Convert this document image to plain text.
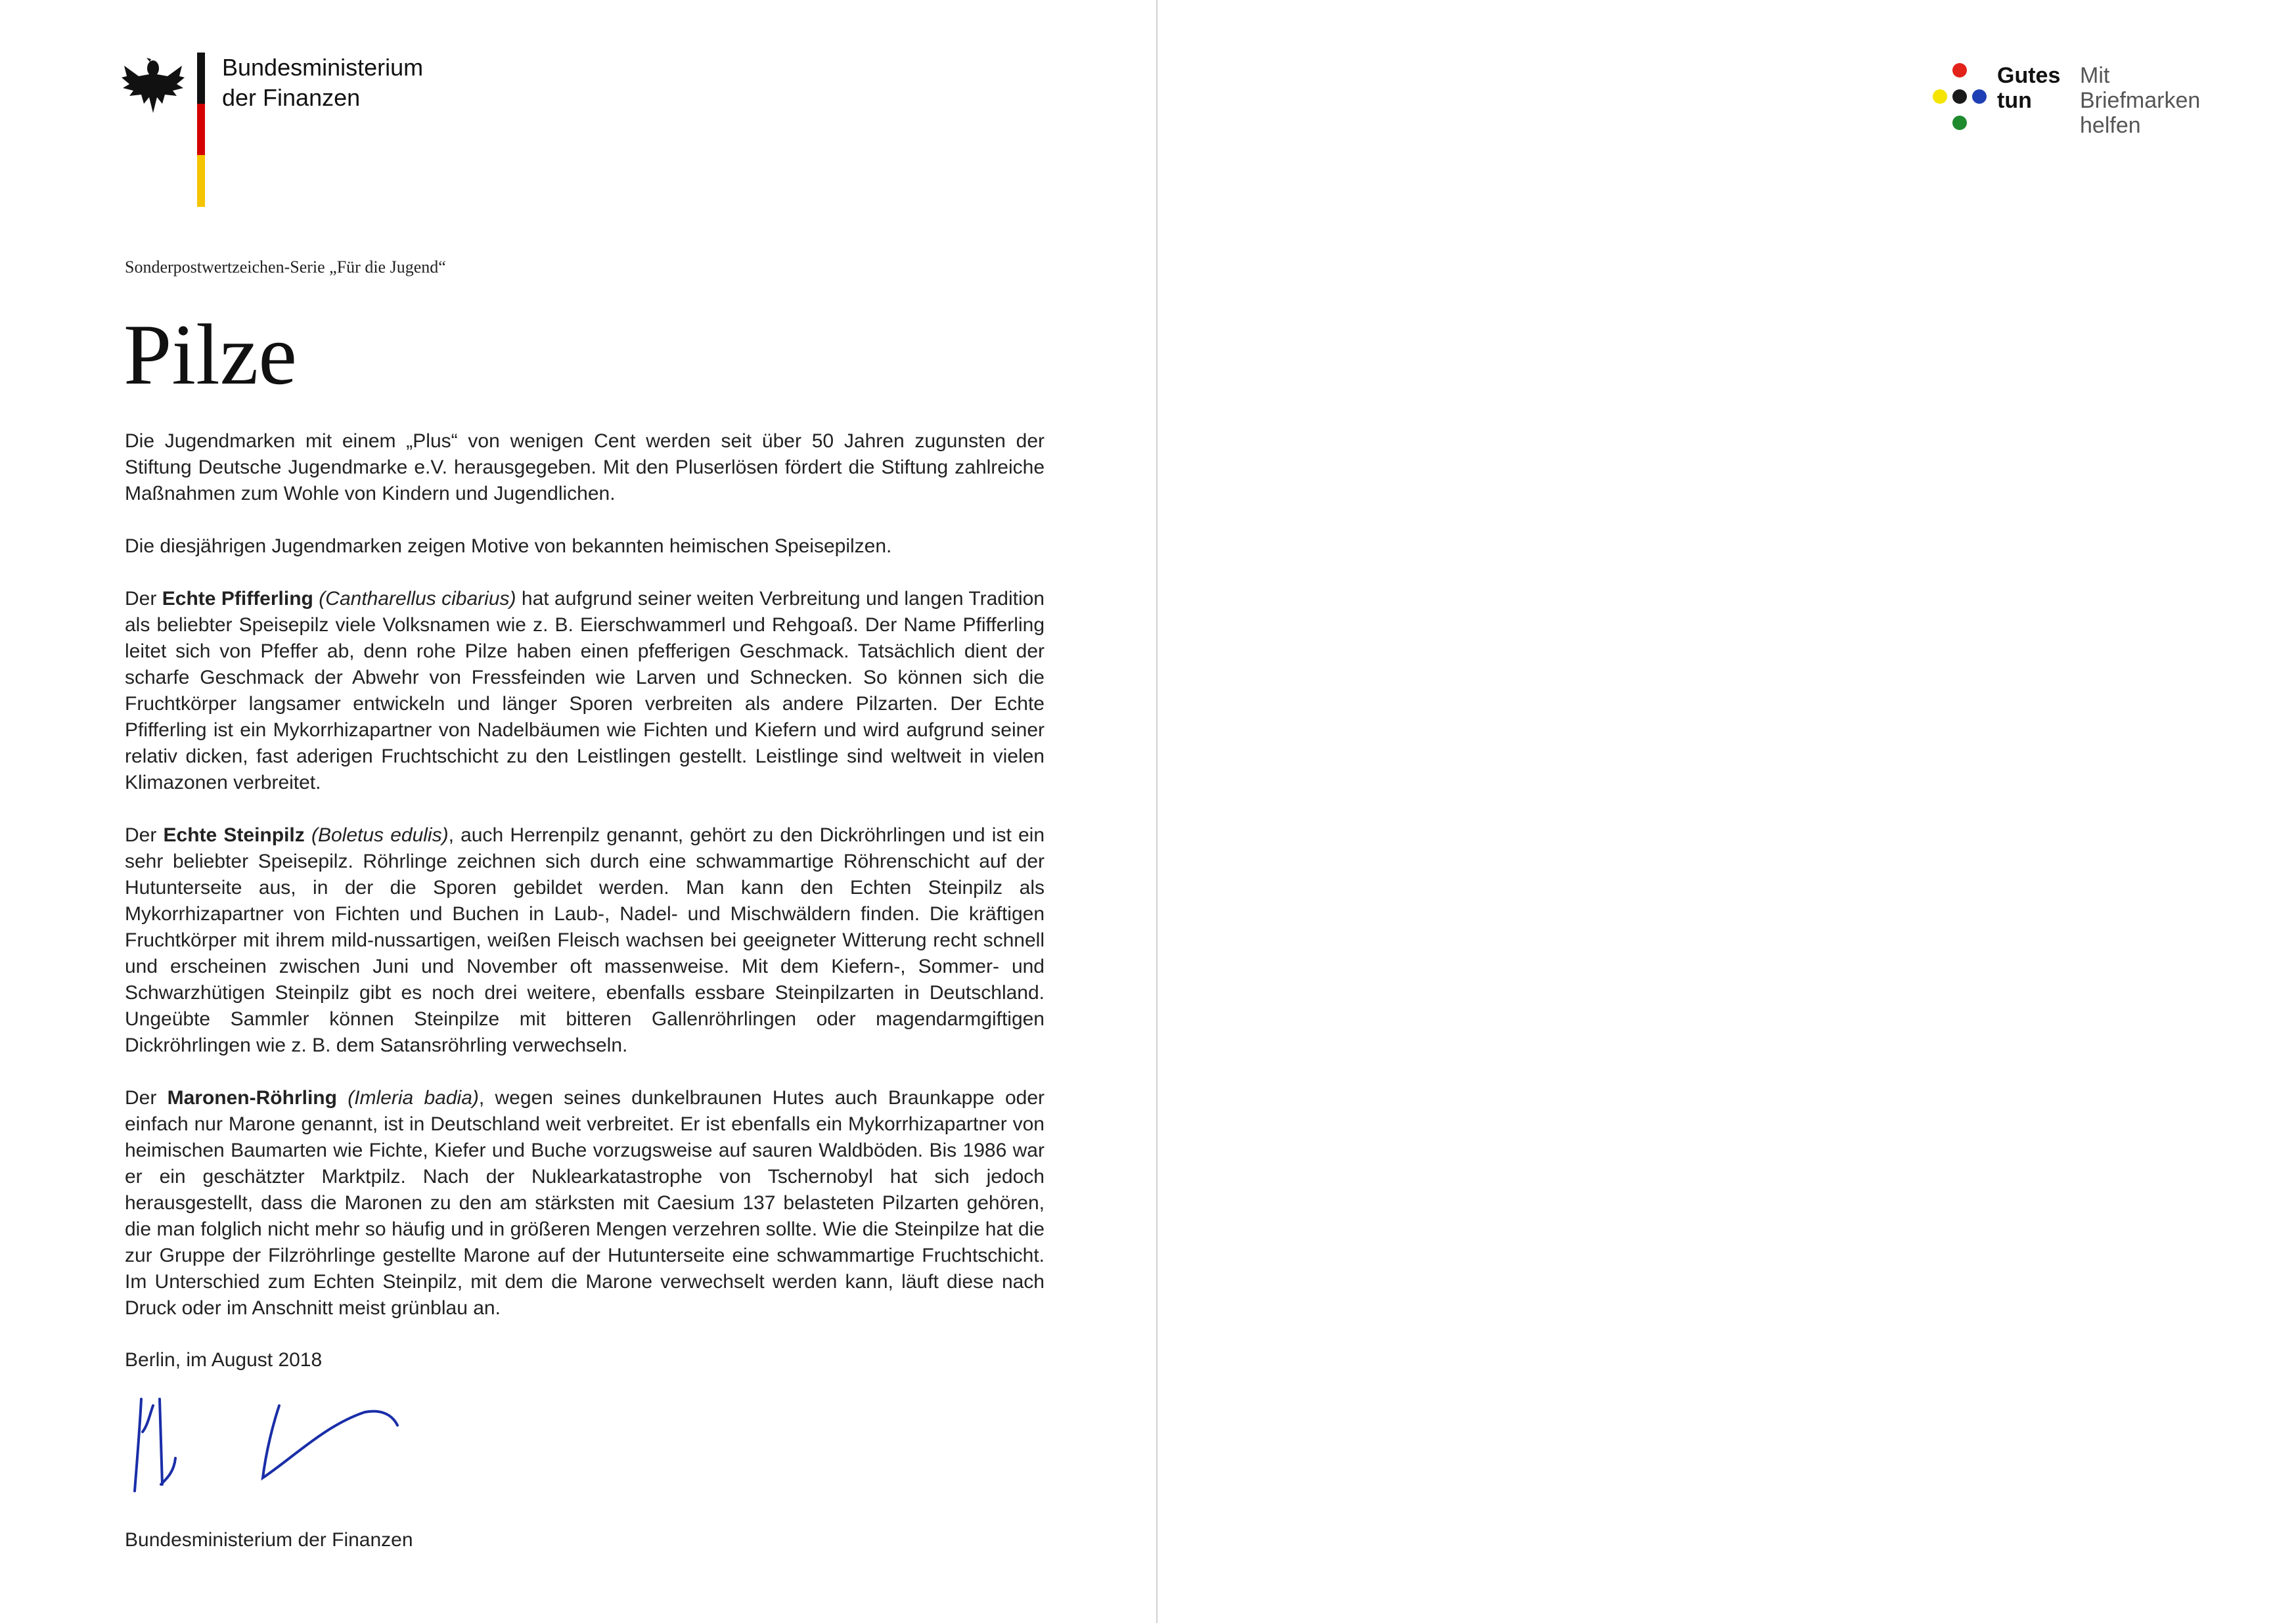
Bundesministerium
der Finanzen
Sonderpostwertzeichen-Serie „Für die Jugend“
Pilze

Die Jugendmarken mit einem „Plus“ von wenigen Cent werden seit über 50 Jahren zugunsten der Stiftung Deutsche Jugendmarke e.V. herausgegeben. Mit den Pluserlösen fördert die Stiftung zahlreiche Maßnahmen zum Wohle von Kindern und Jugendlichen.

Die diesjährigen Jugendmarken zeigen Motive von bekannten heimischen Speisepilzen.

Der Echte Pfifferling (Cantharellus cibarius) hat aufgrund seiner weiten Verbreitung und langen Tradition als beliebter Speisepilz viele Volksnamen wie z. B. Eierschwammerl und Rehgoaß. Der Name Pfifferling leitet sich von Pfeffer ab, denn rohe Pilze haben einen pfefferigen Geschmack. Tatsächlich dient der scharfe Geschmack der Abwehr von Fressfeinden wie Larven und Schnecken. So können sich die Fruchtkörper langsamer entwickeln und länger Sporen verbreiten als andere Pilzarten. Der Echte Pfifferling ist ein Mykorrhizapartner von Nadelbäumen wie Fichten und Kiefern und wird aufgrund seiner relativ dicken, fast aderigen Fruchtschicht zu den Leistlingen gestellt. Leistlinge sind weltweit in vielen Klimazonen verbreitet.

Der Echte Steinpilz (Boletus edulis), auch Herrenpilz genannt, gehört zu den Dickröhrlingen und ist ein sehr beliebter Speisepilz. Röhrlinge zeichnen sich durch eine schwammartige Röhrenschicht auf der Hutunterseite aus, in der die Sporen gebildet werden. Man kann den Echten Steinpilz als Mykorrhizapartner von Fichten und Buchen in Laub-, Nadel- und Mischwäldern finden. Die kräftigen Fruchtkörper mit ihrem mild-nussartigen, weißen Fleisch wachsen bei geeigneter Witterung recht schnell und erscheinen zwischen Juni und November oft massenweise. Mit dem Kiefern-, Sommer- und Schwarzhütigen Steinpilz gibt es noch drei weitere, ebenfalls essbare Steinpilzarten in Deutschland. Ungeübte Sammler können Steinpilze mit bitteren Gallenröhrlingen oder magendarmgiftigen Dickröhrlingen wie z. B. dem Satansröhrling verwechseln.

Der Maronen-Röhrling (Imleria badia), wegen seines dunkelbraunen Hutes auch Braunkappe oder einfach nur Marone genannt, ist in Deutschland weit verbreitet. Er ist ebenfalls ein Mykorrhizapartner von heimischen Baumarten wie Fichte, Kiefer und Buche vorzugsweise auf sauren Waldböden. Bis 1986 war er ein geschätzter Marktpilz. Nach der Nuklearkatastrophe von Tschernobyl hat sich jedoch herausgestellt, dass die Maronen zu den am stärksten mit Caesium 137 belasteten Pilzarten gehören, die man folglich nicht mehr so häufig und in größeren Mengen verzehren sollte. Wie die Steinpilze hat die zur Gruppe der Filzröhrlinge gestellte Marone auf der Hutunterseite eine schwammartige Fruchtschicht. Im Unterschied zum Echten Steinpilz, mit dem die Marone verwechselt werden kann, läuft diese nach Druck oder im Anschnitt meist grünblau an.

Berlin, im August 2018
Bundesministerium der Finanzen
Gutes
tun
Mit
Briefmarken
helfen
